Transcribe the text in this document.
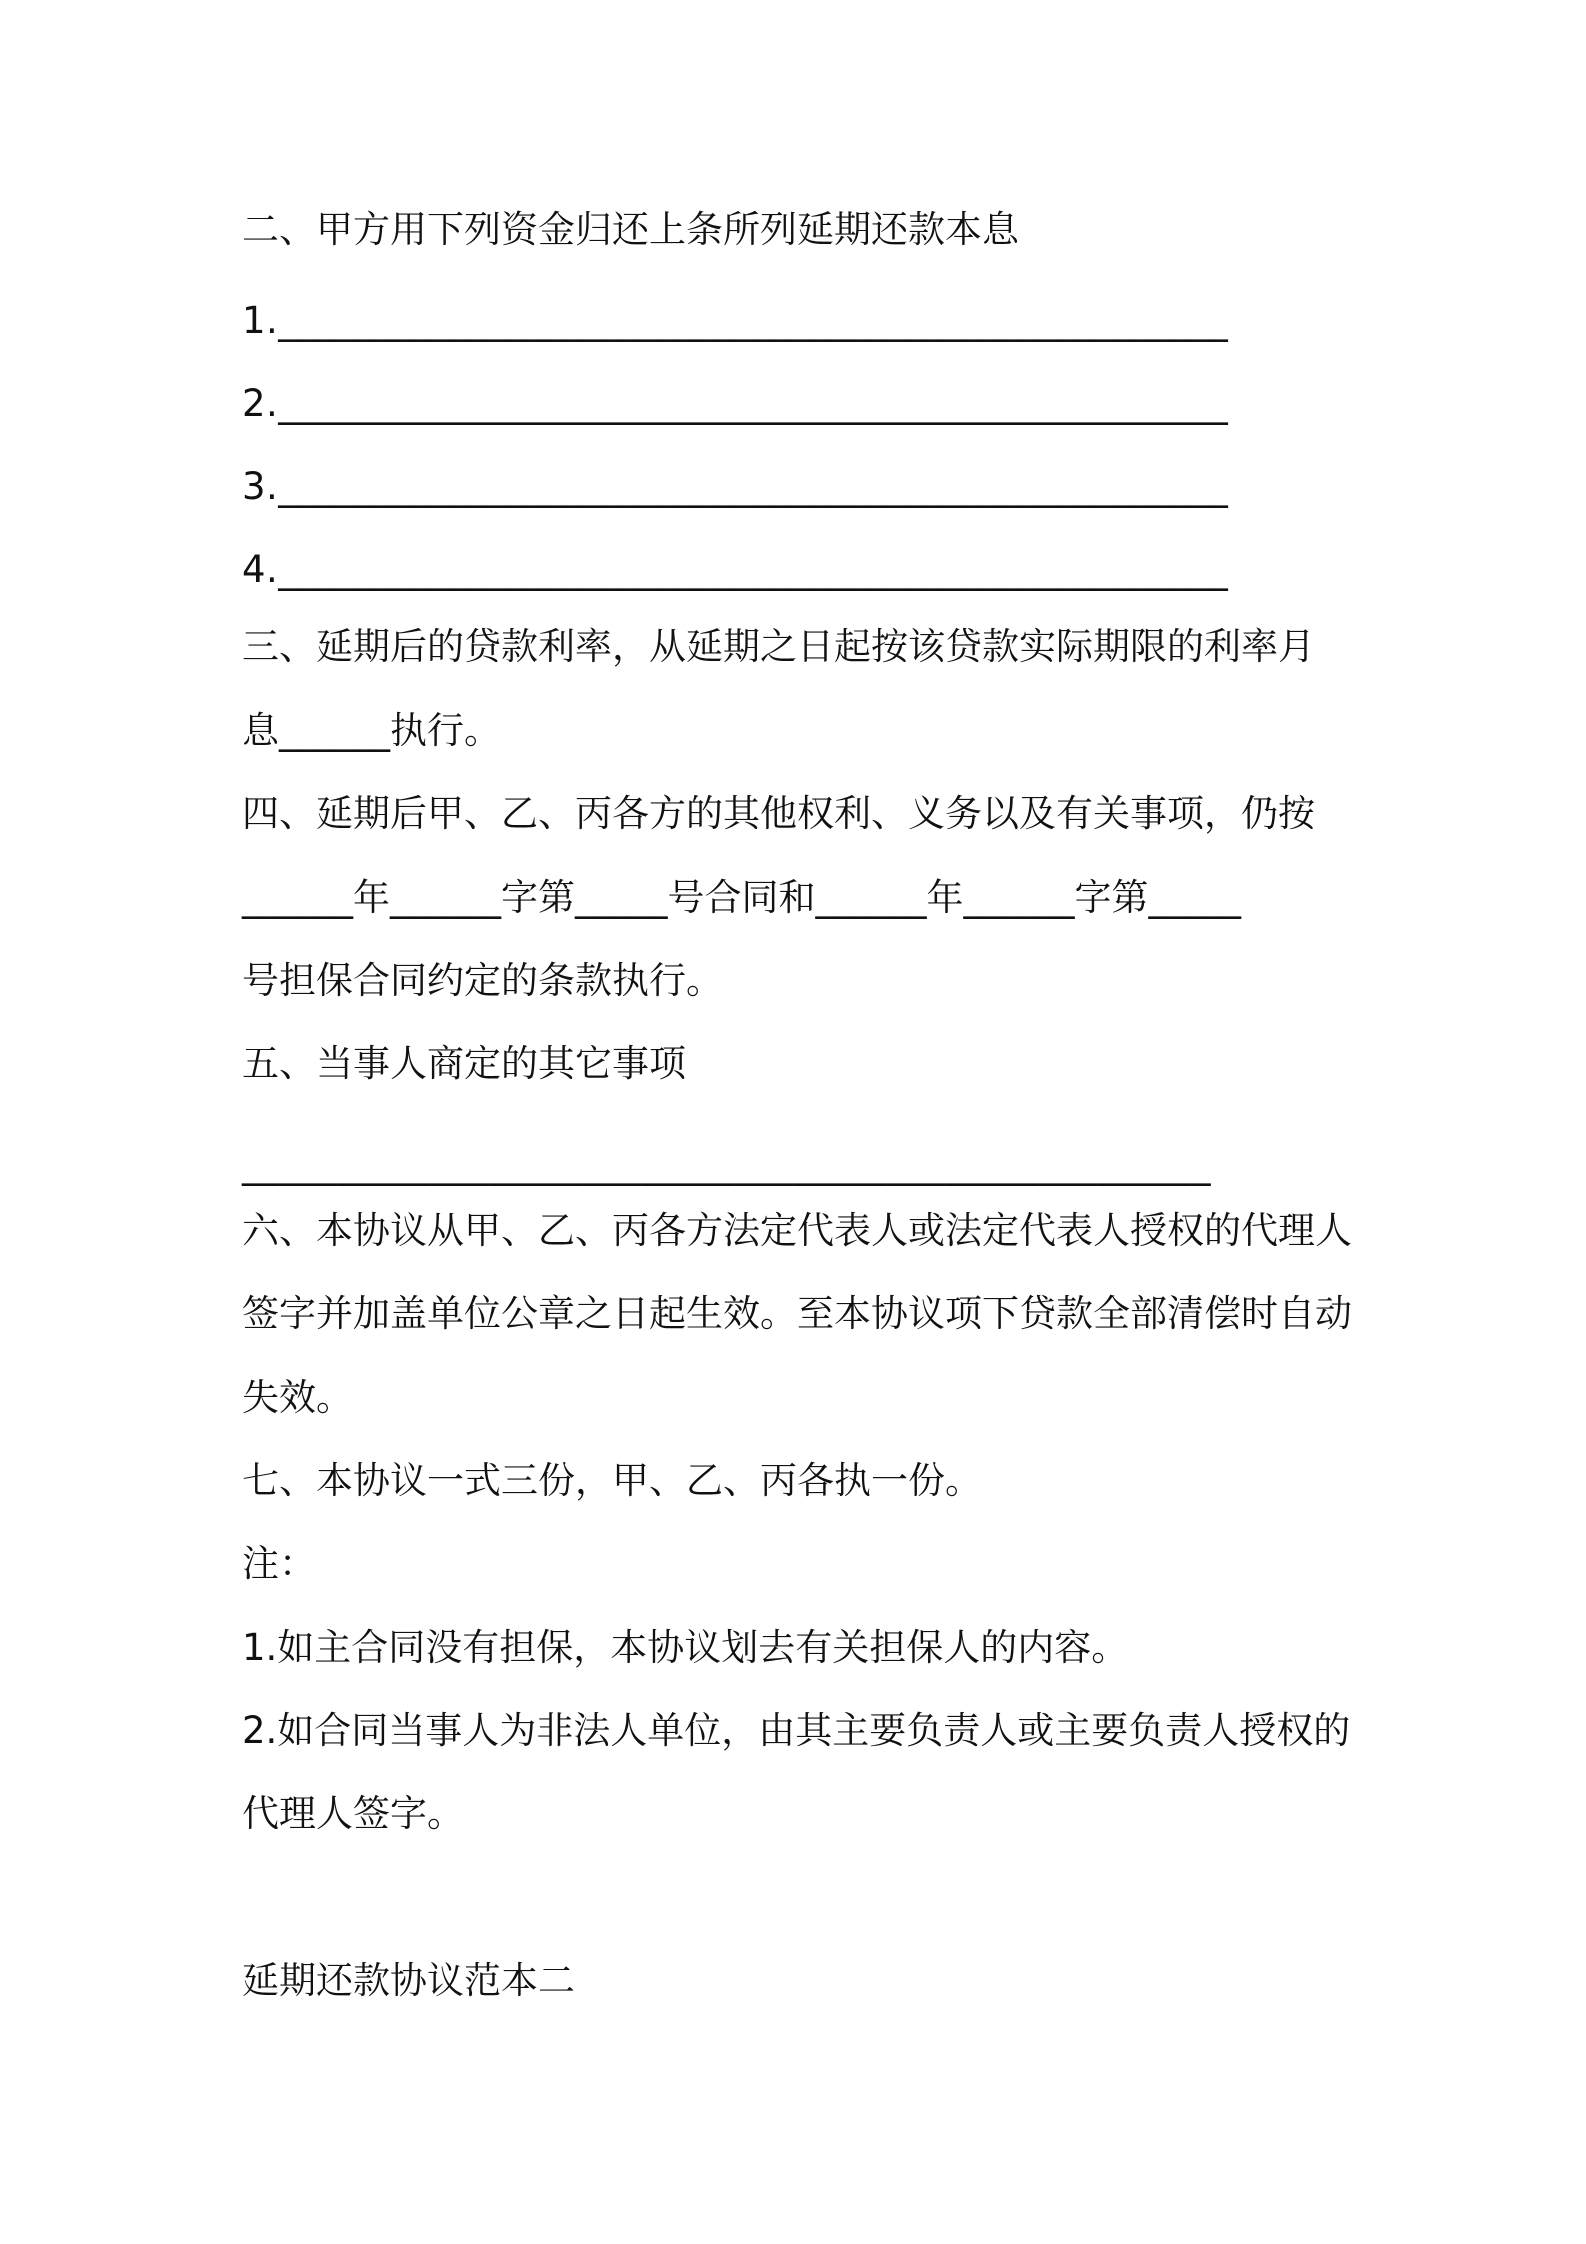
二、甲方用下列资金归还上条所列延期还款本息
1.__________________________________________________
2.__________________________________________________
3.__________________________________________________
4.__________________________________________________
三、延期后的贷款利率，从延期之日起按该贷款实际期限的利率月
息______执行。
四、延期后甲、乙、丙各方的其他权利、义务以及有关事项，仍按
______年______字第_____号合同和______年______字第_____
号担保合同约定的条款执行。
五、当事人商定的其它事项
___________________________________________________
六、本协议从甲、乙、丙各方法定代表人或法定代表人授权的代理人
签字并加盖单位公章之日起生效。至本协议项下贷款全部清偿时自动
失效。
七、本协议一式三份，甲、乙、丙各执一份。
注：
1.如主合同没有担保，本协议划去有关担保人的内容。
2.如合同当事人为非法人单位，由其主要负责人或主要负责人授权的
代理人签字。
延期还款协议范本二
